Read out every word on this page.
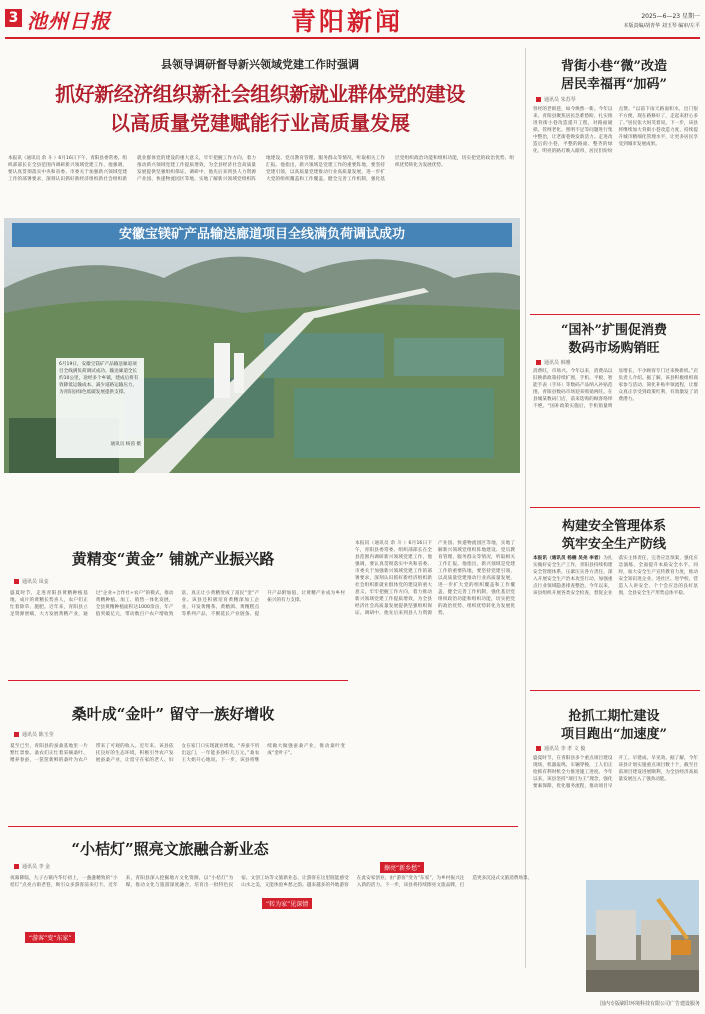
3 池州日报	青阳新闻	2025—6—23 星期一
本版责编/胡青华 刘玉琴 编审/左平
县领导调研督导新兴领域党建工作时强调
抓好新经济组织新社会组织新就业群体党的建设
以高质量党建赋能行业高质量发展
本报讯（通讯员 余 斗 ）6月16日下午，青阳县委常委、组织部部长在全县范围内调研新兴领域党建工作，他强调，要认真贯彻落实中央和省委、市委关于加强新兴领域党建工作的部署要求，深刻认识抓好新经济组织新社会组织新就业群体党的建设的重大意义，牢牢把握工作方向，着力推动新兴领域党建工作提质增效，为全县经济社会高质量发展提供坚强组织保证。调研中，他先后来到县人力资源产业园、快递物流园区等地，实地了解新兴领域党组织阵地建设、党员教育管理、服务群众等情况，听取相关工作汇报。他指出，新兴领域是党建工作的重要阵地，要坚持党建引领，以高质量党建推动行业高质量发展，进一步扩大党的组织覆盖和工作覆盖，健全完善工作机制，强化基层党组织政治功能和组织功能，切实把党的政治优势、组织优势转化为发展优势。
安徽宝镁矿产品输送廊道项目全线满负荷调试成功
6月19日，安徽宝镁矿产品输送廊道项目全线满负荷调试成功。输送廊道全长约10公里，途经多个乡镇，建成后将有效降低运输成本、减少道路运输压力，为青阳县绿色低碳发展提供支撑。
通讯员 杨茵 摄
背街小巷“微”改造
居民幸福再“加码”
通讯员 朱苏琴
曾经的老街巷，如今焕然一新。今年以来，青阳县聚焦居民急难愁盼，扎实推进背街小巷改造提升工程，对路面破损、管网老化、照明不足等问题进行集中整治，让老街巷焕发新活力。走进改造后的小巷，平整的路面、整齐的绿化、明亮的路灯映入眼帘，居民们纷纷点赞。“以前下雨天路面积水，出门很不方便，现在路修好了，走起来舒心多了。”居民张大妈笑着说。下一步，该县将继续加大背街小巷改造力度，持续提升城市精细化管理水平，让更多居民享受到城市发展成果。
“国补”扩围促消费
数码市场购销旺
通讯员 韩雅
消费旺，市场兴。今年以来，消费品以旧换新政策持续扩围，手机、平板、智能手表（手环）等数码产品纳入补贴范围，青阳县数码市场迎来购销两旺。在县城某数码门店，前来选购的顾客络绎不绝。“国补政策实施后，手机销量明显增长，不少顾客专门过来换新机。”店负责人介绍。据了解，该县积极组织商家参与活动，简化补贴申领流程，让群众真正享受到政策红利，有效激发了消费潜力。
构建安全管理体系
筑牢安全生产防线
本报讯（通讯员 杨楠 吴尧 李者）为扎实做好安全生产工作，青阳县持续构建安全管理体系，压紧压实各方责任，深入开展安全生产治本攻坚行动，加强重点行业领域隐患排查整治。今年以来，该县组织开展各类安全检查，督促企业落实主体责任，完善应急预案，强化应急演练，全面提升本质安全水平。同时，加大安全生产宣传教育力度，推动安全知识进企业、进社区、进学校，营造人人讲安全、个个会应急的良好氛围，全县安全生产形势总体平稳。
抢抓工期忙建设
项目跑出“加速度”
通讯员 李 孝 文 俊
盛夏时节，在青阳县多个重点项目建设现场，机器轰鸣、车辆穿梭，工人们正抢抓有利时机全力推进施工进度。今年以来，该县坚持“项目为王”理念，强化要素保障，优化服务流程，推动项目早开工、早建成、早见效。据了解，今年该县计划实施重点项目数十个，截至目前项目建设进展顺利，为全县经济高质量发展注入了强劲动能。
黄精变“黄金” 铺就产业振兴路
通讯员 凤妾
盛夏时节，走进青阳县黄精种植基地，成片的黄精长势喜人，农户们正忙着除草、施肥。近年来，青阳县立足资源禀赋，大力发展黄精产业，通过“企业+合作社+农户”的模式，推动黄精种植、加工、销售一体化发展，全县黄精种植面积达1000余亩，年产值突破亿元，带动数百户农户增收致富，真正让小黄精变成了富民“金”产业。该县还积极培育黄精深加工企业，开发黄精茶、黄精酒、黄精糕点等系列产品，不断延长产业链条、提升产品附加值，让黄精产业成为乡村振兴的有力支撑。
桑叶成“金叶” 留守一族好增收
通讯员 陈玉莹
夏至已至，青阳县的蚕桑基地里一片繁忙景象。桑农们正忙着采摘桑叶、喂养春蚕，一筐筐新鲜的桑叶为农户带来了可观的收入。近年来，该县依托良好的生态环境，积极引导农户发展蚕桑产业，让留守在家的老人、妇女在家门口实现就业增收。“养蚕不用出远门，一年能多挣好几万元。”桑农王大姐开心地说。下一步，该县将继续做大做强蚕桑产业，推动桑叶变成“金叶子”。
本报讯（通讯员 余 斗 ）6月16日下午，青阳县委常委、组织部部长在全县范围内调研新兴领域党建工作，他强调，要认真贯彻落实中央和省委、市委关于加强新兴领域党建工作的部署要求，深刻认识抓好新经济组织新社会组织新就业群体党的建设的重大意义，牢牢把握工作方向，着力推动新兴领域党建工作提质增效，为全县经济社会高质量发展提供坚强组织保证。调研中，他先后来到县人力资源产业园、快递物流园区等地，实地了解新兴领域党组织阵地建设、党员教育管理、服务群众等情况，听取相关工作汇报。他指出，新兴领域是党建工作的重要阵地，要坚持党建引领，以高质量党建推动行业高质量发展，进一步扩大党的组织覆盖和工作覆盖，健全完善工作机制，强化基层党组织政治功能和组织功能，切实把党的政治优势、组织优势转化为发展优势。
“小桔灯”照亮文旅融合新业态
通讯员 李 金
夜幕降临，九子古镇内华灯初上，一盏盏精致的“小桔灯”点亮古街老巷，吸引众多游客前来打卡。近年来，青阳县深入挖掘地方文化资源，以“小桔灯”为媒，推动文化与旅游深度融合，培育出一批特色民宿、文创工坊等文旅新业态，让游客在这里既能感受山水之美，又能体验乡愁之韵。越来越多的外地游客在此安家创业，由“游客”变为“东家”，为乡村振兴注入新的活力。下一步，该县将持续擦亮文旅品牌，打造更多沉浸式文旅消费场景。
“游客”变“东家”
“转为家”见深情
擦亮“新乡愁”
国内专版刷印环境科技有限公司广告建设服务
